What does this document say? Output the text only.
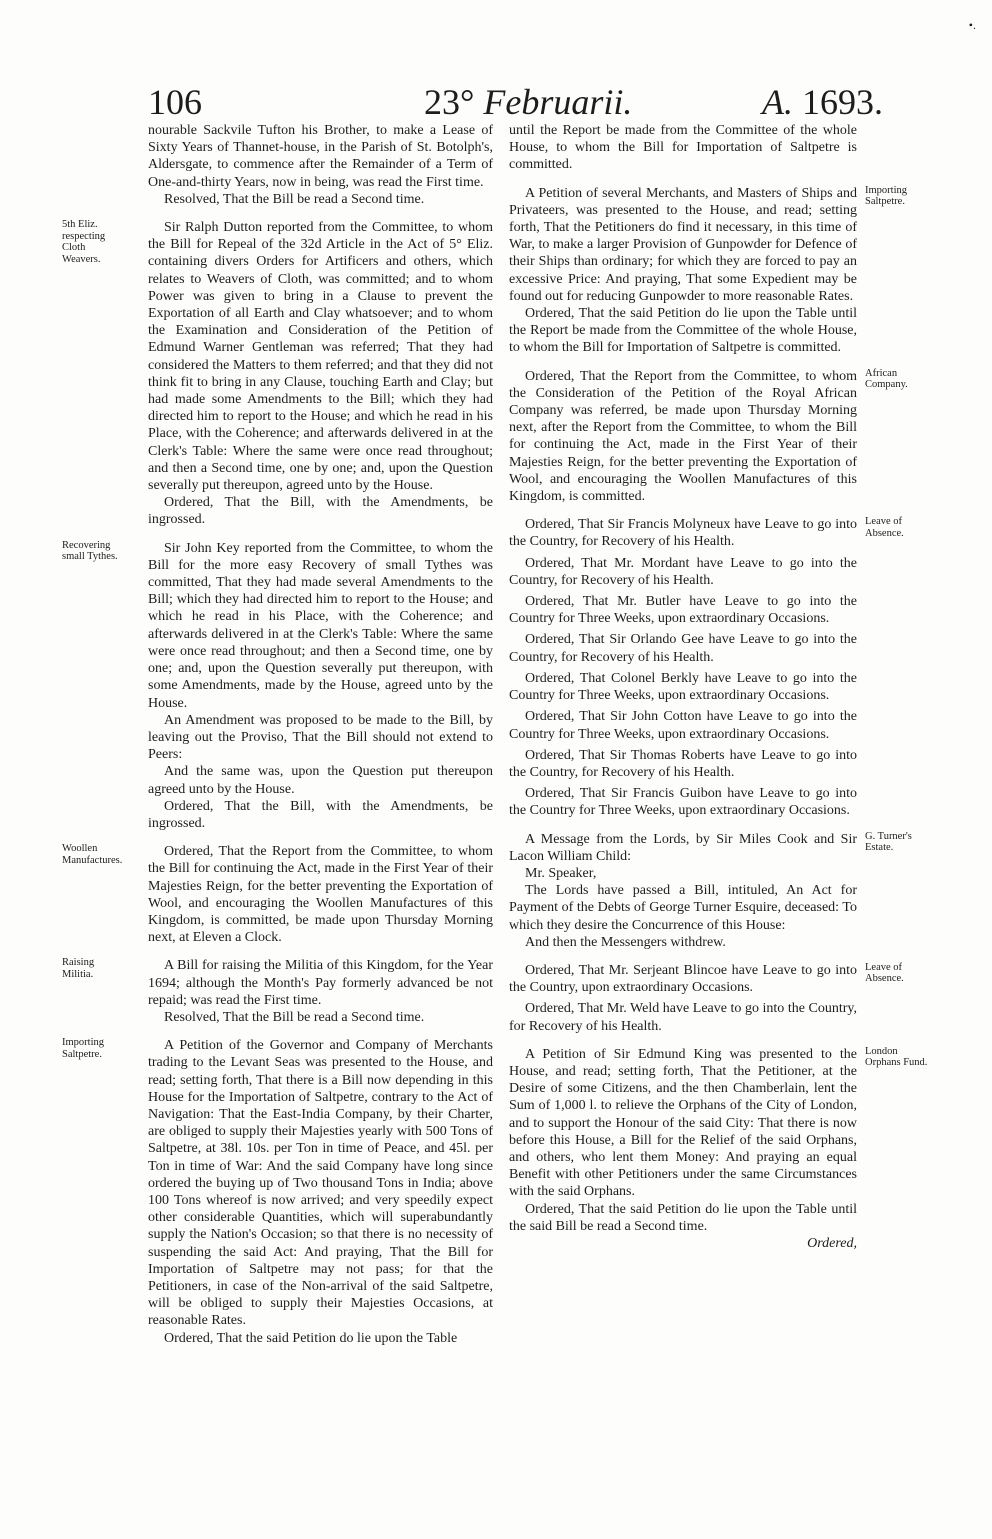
•.
106	23° Februarii.	A. 1693.

nourable Sackvile Tufton his Brother, to make a Lease of Sixty Years of Thannet-house, in the Parish of St. Botolph's, Aldersgate, to commence after the Remainder of a Term of One-and-thirty Years, now in being, was read the First time.

Resolved, That the Bill be read a Second time.

5th Eliz. respecting Cloth Weavers.

Sir Ralph Dutton reported from the Committee, to whom the Bill for Repeal of the 32d Article in the Act of 5° Eliz. containing divers Orders for Artificers and others, which relates to Weavers of Cloth, was committed; and to whom Power was given to bring in a Clause to prevent the Exportation of all Earth and Clay whatsoever; and to whom the Examination and Consideration of the Petition of Edmund Warner Gentleman was referred; That they had considered the Matters to them referred; and that they did not think fit to bring in any Clause, touching Earth and Clay; but had made some Amendments to the Bill; which they had directed him to report to the House; and which he read in his Place, with the Coherence; and afterwards delivered in at the Clerk's Table: Where the same were once read throughout; and then a Second time, one by one; and, upon the Question severally put thereupon, agreed unto by the House.

Ordered, That the Bill, with the Amendments, be ingrossed.

Recovering small Tythes.

Sir John Key reported from the Committee, to whom the Bill for the more easy Recovery of small Tythes was committed, That they had made several Amendments to the Bill; which they had directed him to report to the House; and which he read in his Place, with the Coherence; and afterwards delivered in at the Clerk's Table: Where the same were once read throughout; and then a Second time, one by one; and, upon the Question severally put thereupon, with some Amendments, made by the House, agreed unto by the House.

An Amendment was proposed to be made to the Bill, by leaving out the Proviso, That the Bill should not extend to Peers:

And the same was, upon the Question put thereupon agreed unto by the House.

Ordered, That the Bill, with the Amendments, be ingrossed.

Woollen Manufactures.

Ordered, That the Report from the Committee, to whom the Bill for continuing the Act, made in the First Year of their Majesties Reign, for the better preventing the Exportation of Wool, and encouraging the Woollen Manufactures of this Kingdom, is committed, be made upon Thursday Morning next, at Eleven a Clock.

Raising Militia.

A Bill for raising the Militia of this Kingdom, for the Year 1694; although the Month's Pay formerly advanced be not repaid; was read the First time.

Resolved, That the Bill be read a Second time.

Importing Saltpetre.

A Petition of the Governor and Company of Merchants trading to the Levant Seas was presented to the House, and read; setting forth, That there is a Bill now depending in this House for the Importation of Saltpetre, contrary to the Act of Navigation: That the East-India Company, by their Charter, are obliged to supply their Majesties yearly with 500 Tons of Saltpetre, at 38l. 10s. per Ton in time of Peace, and 45l. per Ton in time of War: And the said Company have long since ordered the buying up of Two thousand Tons in India; above 100 Tons whereof is now arrived; and very speedily expect other considerable Quantities, which will superabundantly supply the Nation's Occasion; so that there is no necessity of suspending the said Act: And praying, That the Bill for Importation of Saltpetre may not pass; for that the Petitioners, in case of the Non-arrival of the said Saltpetre, will be obliged to supply their Majesties Occasions, at reasonable Rates.

Ordered, That the said Petition do lie upon the Table

until the Report be made from the Committee of the whole House, to whom the Bill for Importation of Saltpetre is committed.

Importing Saltpetre.

A Petition of several Merchants, and Masters of Ships and Privateers, was presented to the House, and read; setting forth, That the Petitioners do find it necessary, in this time of War, to make a larger Provision of Gunpowder for Defence of their Ships than ordinary; for which they are forced to pay an excessive Price: And praying, That some Expedient may be found out for reducing Gunpowder to more reasonable Rates.

Ordered, That the said Petition do lie upon the Table until the Report be made from the Committee of the whole House, to whom the Bill for Importation of Saltpetre is committed.

African Company.

Ordered, That the Report from the Committee, to whom the Consideration of the Petition of the Royal African Company was referred, be made upon Thursday Morning next, after the Report from the Committee, to whom the Bill for continuing the Act, made in the First Year of their Majesties Reign, for the better preventing the Exportation of Wool, and encouraging the Woollen Manufactures of this Kingdom, is committed.

Leave of Absence.

Ordered, That Sir Francis Molyneux have Leave to go into the Country, for Recovery of his Health.

Ordered, That Mr. Mordant have Leave to go into the Country, for Recovery of his Health.

Ordered, That Mr. Butler have Leave to go into the Country for Three Weeks, upon extraordinary Occasions.

Ordered, That Sir Orlando Gee have Leave to go into the Country, for Recovery of his Health.

Ordered, That Colonel Berkly have Leave to go into the Country for Three Weeks, upon extraordinary Occasions.

Ordered, That Sir John Cotton have Leave to go into the Country for Three Weeks, upon extraordinary Occasions.

Ordered, That Sir Thomas Roberts have Leave to go into the Country, for Recovery of his Health.

Ordered, That Sir Francis Guibon have Leave to go into the Country for Three Weeks, upon extraordinary Occasions.

G. Turner's Estate.

A Message from the Lords, by Sir Miles Cook and Sir Lacon William Child:

Mr. Speaker,

The Lords have passed a Bill, intituled, An Act for Payment of the Debts of George Turner Esquire, deceased: To which they desire the Concurrence of this House:

And then the Messengers withdrew.

Leave of Absence.

Ordered, That Mr. Serjeant Blincoe have Leave to go into the Country, upon extraordinary Occasions.

Ordered, That Mr. Weld have Leave to go into the Country, for Recovery of his Health.

London Orphans Fund.

A Petition of Sir Edmund King was presented to the House, and read; setting forth, That the Petitioner, at the Desire of some Citizens, and the then Chamberlain, lent the Sum of 1,000 l. to relieve the Orphans of the City of London, and to support the Honour of the said City: That there is now before this House, a Bill for the Relief of the said Orphans, and others, who lent them Money: And praying an equal Benefit with other Petitioners under the same Circumstances with the said Orphans.

Ordered, That the said Petition do lie upon the Table until the said Bill be read a Second time.

Ordered,
